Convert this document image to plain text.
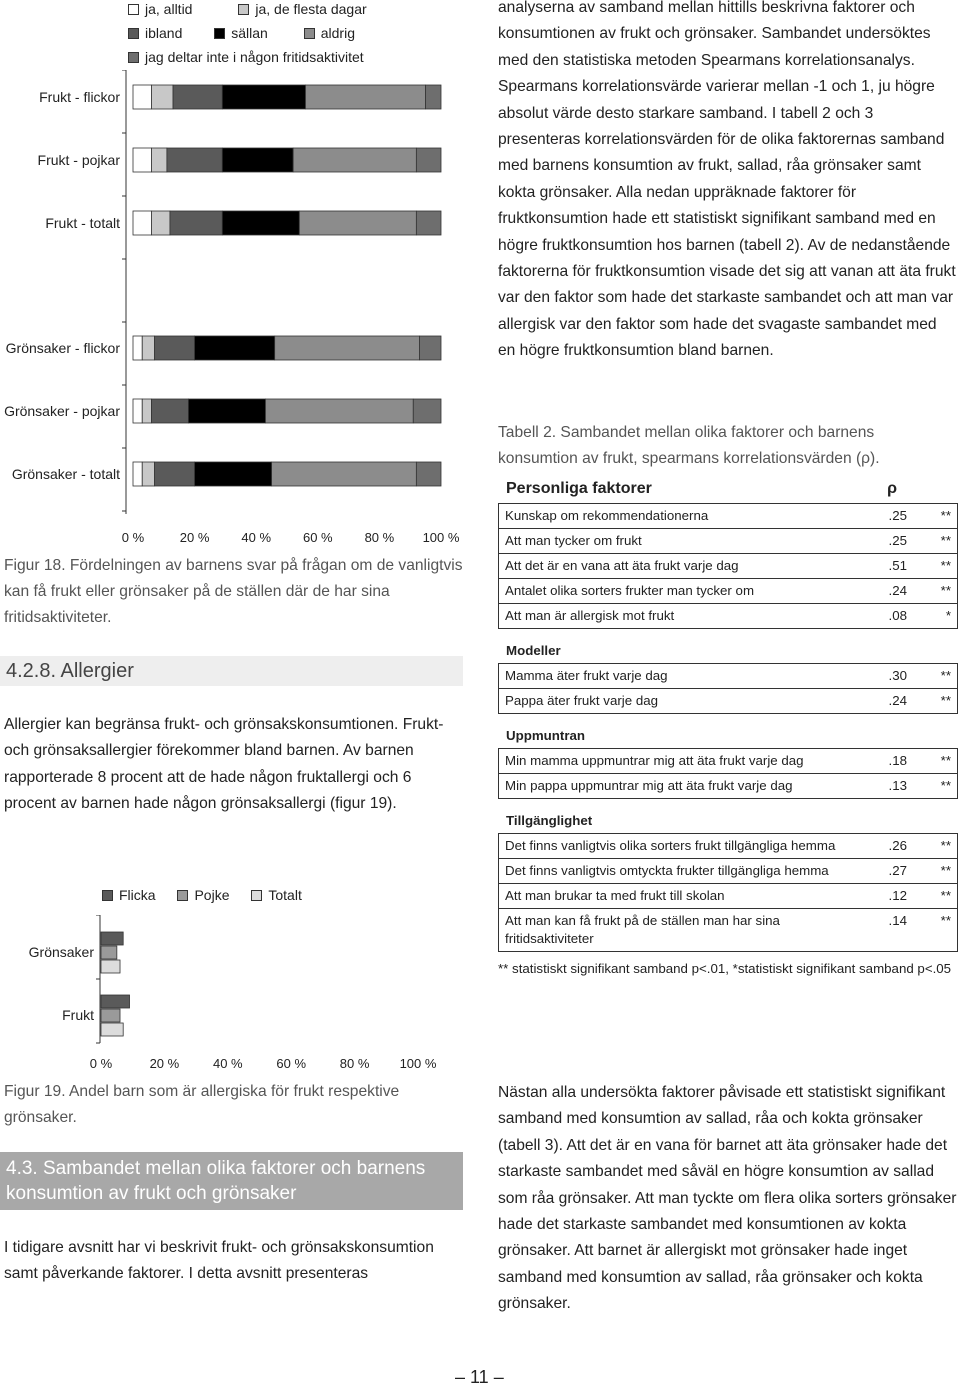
ja, alltid	ja, de flesta dagar
ibland	sällan	aldrig
jag deltar inte i någon fritidsaktivitet
Frukt - flickor
Frukt - pojkar
Frukt - totalt
Grönsaker - flickor
Grönsaker - pojkar
Grönsaker - totalt
0 %	20 % 40 % 60 % 80 % 100 %
Figur 18. Fördelningen av barnens svar på frågan om de vanligtvis kan få frukt eller grönsaker på de ställen där de har sina fritidsaktiviteter.
4.2.8. Allergier

Allergier kan begränsa frukt- och grönsakskonsumtionen. Frukt- och grönsaksallergier förekommer bland barnen. Av barnen rapporterade 8 procent att de hade någon fruktallergi och 6 procent av barnen hade någon grönsaksallergi (figur 19).

Flicka	Pojke	Totalt
Grönsaker
Frukt
0 %	20 %	40 %	60 %	80 % 100 %
Figur 19. Andel barn som är allergiska för frukt respektive grönsaker.
4.3. Sambandet mellan olika faktorer och barnens konsumtion av frukt och grönsaker

I tidigare avsnitt har vi beskrivit frukt- och grönsakskonsumtion samt påverkande faktorer. I detta avsnitt presenteras

analyserna av samband mellan hittills beskrivna faktorer och konsumtionen av frukt och grönsaker. Sambandet undersöktes med den statistiska metoden Spearmans korrelationsanalys. Spearmans korrelationsvärde varierar mellan -1 och 1, ju högre absolut värde desto starkare samband. I tabell 2 och 3 presenteras korrelationsvärden för de olika faktorernas samband med barnens konsumtion av frukt, sallad, råa grönsaker samt kokta grönsaker. Alla nedan uppräknade faktorer för fruktkonsumtion hade ett statistiskt signifikant samband med en högre fruktkonsumtion hos barnen (tabell 2). Av de nedanstående faktorerna för fruktkonsumtion visade det sig att vanan att äta frukt var den faktor som hade det starkaste sambandet och att man var allergisk var den faktor som hade det svagaste sambandet med en högre fruktkonsumtion bland barnen.

Tabell 2. Sambandet mellan olika faktorer och barnens konsumtion av frukt, spearmans korrelationsvärden (ρ).
Personliga faktorer	ρ
Kunskap om rekommendationerna	.25	**
Att man tycker om frukt	.25	**
Att det är en vana att äta frukt varje dag	.51	**
Antalet olika sorters frukter man tycker om	.24	**
Att man är allergisk mot frukt	.08	*
Modeller
Mamma äter frukt varje dag	.30	**
Pappa äter frukt varje dag	.24	**
Uppmuntran
Min mamma uppmuntrar mig att äta frukt varje dag	.18	**
Min pappa uppmuntrar mig att äta frukt varje dag	.13	**
Tillgänglighet
Det finns vanligtvis olika sorters frukt tillgängliga hemma	.26	**
Det finns vanligtvis omtyckta frukter tillgängliga hemma	.27	**
Att man brukar ta med frukt till skolan	.12	**
Att man kan få frukt på de ställen man har sina fritidsaktiviteter	.14	**
** statistiskt signifikant samband p<.01, *statistiskt signifikant samband p<.05

Nästan alla undersökta faktorer påvisade ett statistiskt signifikant samband med konsumtion av sallad, råa och kokta grönsaker (tabell 3). Att det är en vana för barnet att äta grönsaker hade det starkaste sambandet med såväl en högre konsumtion av sallad som råa grönsaker. Att man tyckte om flera olika sorters grönsaker hade det starkaste sambandet med konsumtionen av kokta grönsaker. Att barnet är allergiskt mot grönsaker hade inget samband med konsumtion av sallad, råa grönsaker och kokta grönsaker.

– 11 –
